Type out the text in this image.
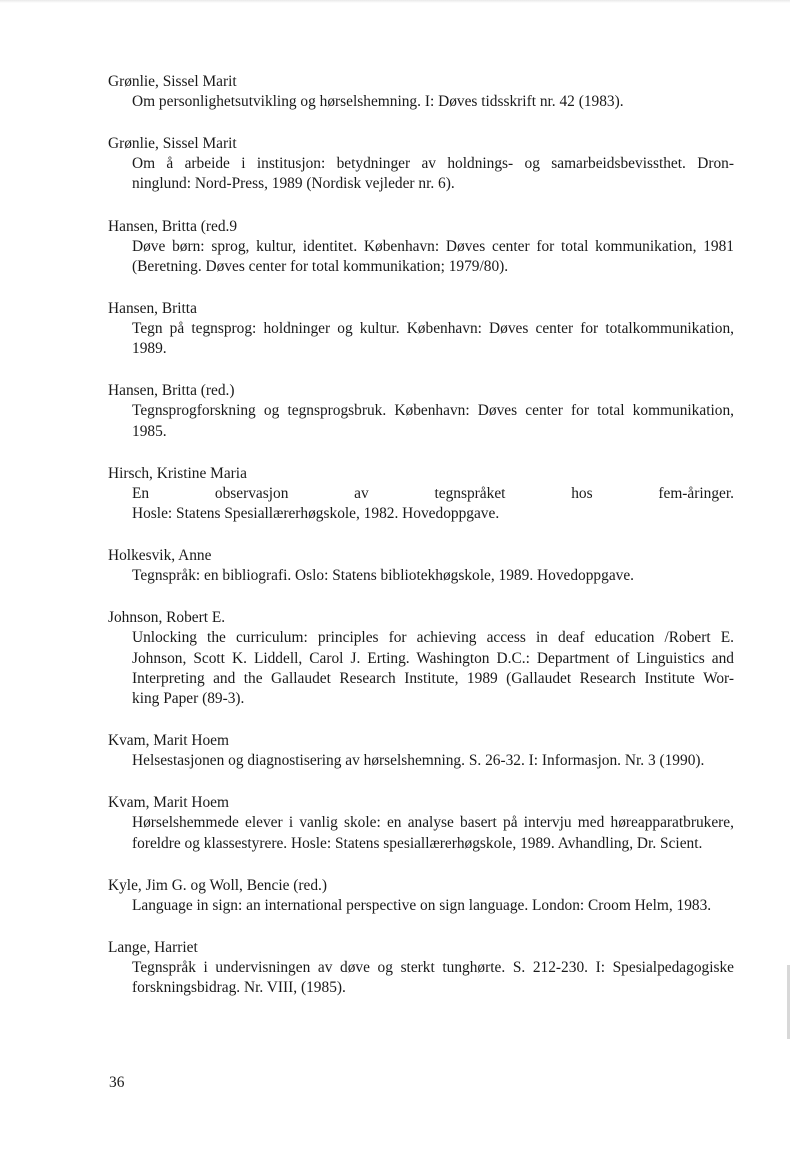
Grønlie, Sissel Marit
Om personlighetsutvikling og hørselshemning. I: Døves tidsskrift nr. 42 (1983).
Grønlie, Sissel Marit
Om å arbeide i institusjon: betydninger av holdnings- og samarbeidsbevissthet. Dron-
ninglund: Nord-Press, 1989 (Nordisk vejleder nr. 6).
Hansen, Britta (red.9
Døve børn: sprog, kultur, identitet. København: Døves center for total kommunikation, 1981
(Beretning. Døves center for total kommunikation; 1979/80).
Hansen, Britta
Tegn på tegnsprog: holdninger og kultur. København: Døves center for totalkommunikation,
1989.
Hansen, Britta (red.)
Tegnsprogforskning og tegnsprogsbruk. København: Døves center for total kommunikation,
1985.
Hirsch, Kristine Maria
En observasjon av tegnspråket hos fem-åringer.
Hosle: Statens Spesiallærerhøgskole, 1982. Hovedoppgave.
Holkesvik, Anne
Tegnspråk: en bibliografi. Oslo: Statens bibliotekhøgskole, 1989. Hovedoppgave.
Johnson, Robert E.
Unlocking the curriculum: principles for achieving access in deaf education /Robert E.
Johnson, Scott K. Liddell, Carol J. Erting. Washington D.C.: Department of Linguistics and
Interpreting and the Gallaudet Research Institute, 1989 (Gallaudet Research Institute Wor-
king Paper (89-3).
Kvam, Marit Hoem
Helsestasjonen og diagnostisering av hørselshemning. S. 26-32. I: Informasjon. Nr. 3 (1990).
Kvam, Marit Hoem
Hørselshemmede elever i vanlig skole: en analyse basert på intervju med høreapparatbrukere,
foreldre og klassestyrere. Hosle: Statens spesiallærerhøgskole, 1989. Avhandling, Dr. Scient.
Kyle, Jim G. og Woll, Bencie (red.)
Language in sign: an international perspective on sign language. London: Croom Helm, 1983.
Lange, Harriet
Tegnspråk i undervisningen av døve og sterkt tunghørte. S. 212-230. I: Spesialpedagogiske
forskningsbidrag. Nr. VIII, (1985).
36
